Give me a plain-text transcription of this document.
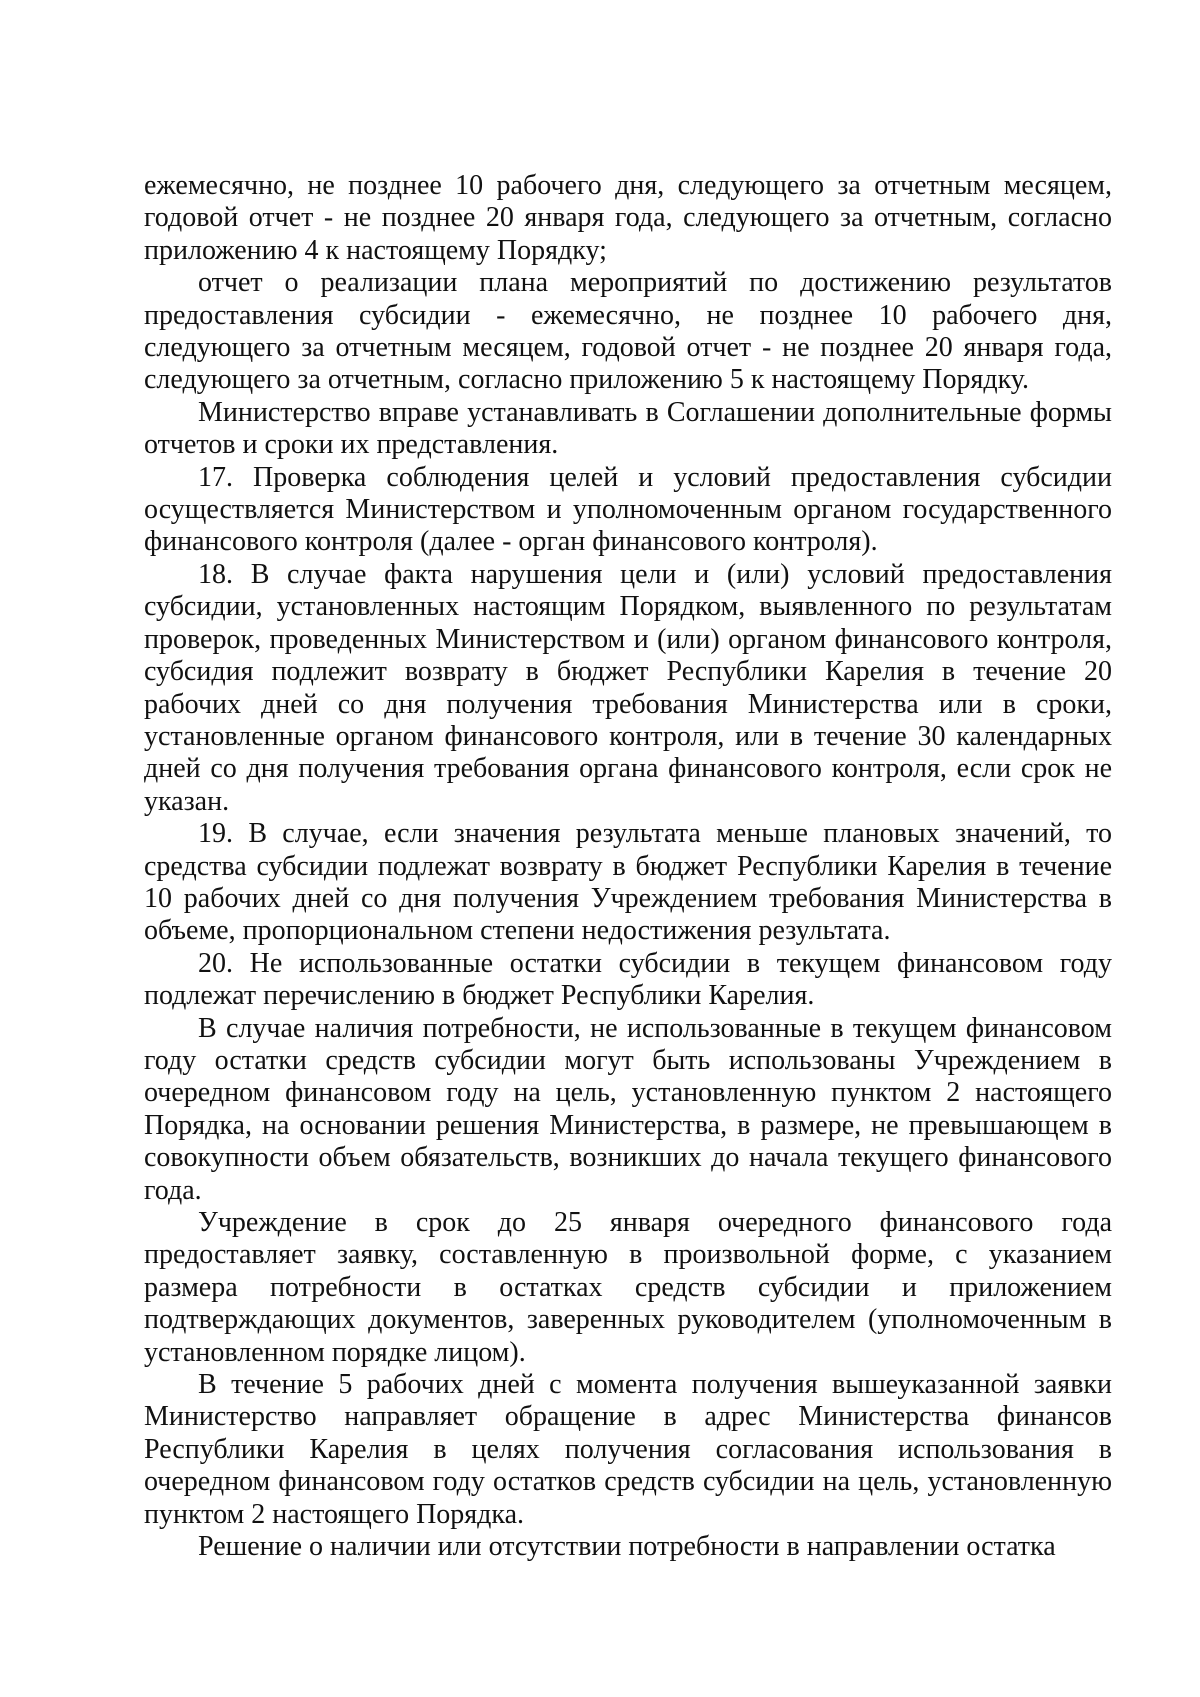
ежемесячно, не позднее 10 рабочего дня, следующего за отчетным месяцем, годовой отчет - не позднее 20 января года, следующего за отчетным, согласно приложению 4 к настоящему Порядку;

отчет о реализации плана мероприятий по достижению результатов предоставления субсидии - ежемесячно, не позднее 10 рабочего дня, следующего за отчетным месяцем, годовой отчет - не позднее 20 января года, следующего за отчетным, согласно приложению 5 к настоящему Порядку.

Министерство вправе устанавливать в Соглашении дополнительные формы отчетов и сроки их представления.

17. Проверка соблюдения целей и условий предоставления субсидии осуществляется Министерством и уполномоченным органом государственного финансового контроля (далее - орган финансового контроля).

18. В случае факта нарушения цели и (или) условий предоставления субсидии, установленных настоящим Порядком, выявленного по результатам проверок, проведенных Министерством и (или) органом финансового контроля, субсидия подлежит возврату в бюджет Республики Карелия в течение 20 рабочих дней со дня получения требования Министерства или в сроки, установленные органом финансового контроля, или в течение 30 календарных дней со дня получения требования органа финансового контроля, если срок не указан.

19. В случае, если значения результата меньше плановых значений, то средства субсидии подлежат возврату в бюджет Республики Карелия в течение 10 рабочих дней со дня получения Учреждением требования Министерства в объеме, пропорциональном степени недостижения результата.

20. Не использованные остатки субсидии в текущем финансовом году подлежат перечислению в бюджет Республики Карелия.

В случае наличия потребности, не использованные в текущем финансовом году остатки средств субсидии могут быть использованы Учреждением в очередном финансовом году на цель, установленную пунктом 2 настоящего Порядка, на основании решения Министерства, в размере, не превышающем в совокупности объем обязательств, возникших до начала текущего финансового года.

Учреждение в срок до 25 января очередного финансового года предоставляет заявку, составленную в произвольной форме, с указанием размера потребности в остатках средств субсидии и приложением подтверждающих документов, заверенных руководителем (уполномоченным в установленном порядке лицом).

В течение 5 рабочих дней с момента получения вышеуказанной заявки Министерство направляет обращение в адрес Министерства финансов Республики Карелия в целях получения согласования использования в очередном финансовом году остатков средств субсидии на цель, установленную пунктом 2 настоящего Порядка.

Решение о наличии или отсутствии потребности в направлении остатка
